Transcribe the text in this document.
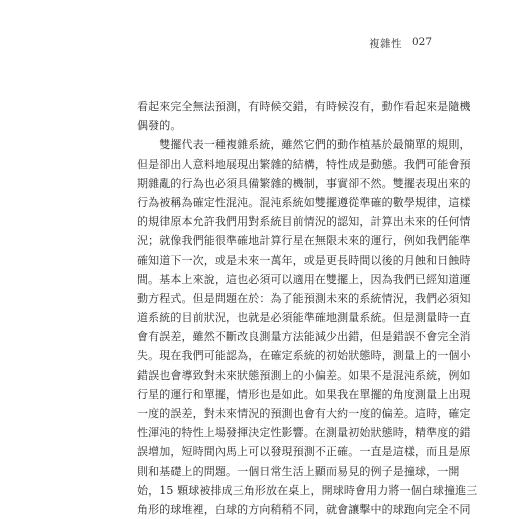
複雜性 027
看起來完全無法預測，有時候交錯，有時候沒有，動作看起來是隨機
偶發的。
　　雙擺代表一種複雜系統，雖然它們的動作植基於最簡單的規則，
但是卻出人意料地展現出繁雜的結構，特性成是動態。我們可能會預
期雜亂的行為也必須具備繁雜的機制，事實卻不然。雙擺表現出來的
行為被稱為確定性混沌。混沌系統如雙擺遵從準確的數學規律，這樣
的規律原本允許我們用對系統目前情況的認知，計算出未來的任何情
況；就像我們能很準確地計算行星在無限未來的運行，例如我們能準
確知道下一次，或是未來一萬年，或是更長時間以後的月蝕和日蝕時
間。基本上來說，這也必須可以適用在雙擺上，因為我們已經知道運
動方程式。但是問題在於：為了能預測未來的系統情況，我們必須知
道系統的目前狀況，也就是必須能準確地測量系統。但是測量時一直
會有誤差，雖然不斷改良測量方法能減少出錯，但是錯誤不會完全消
失。現在我們可能認為，在確定系統的初始狀態時，測量上的一個小
錯誤也會導致對未來狀態預測上的小偏差。如果不是混沌系統，例如
行星的運行和單擺，情形也是如此。如果我在單擺的角度測量上出現
一度的誤差，對未來情況的預測也會有大約一度的偏差。這時，確定
性渾沌的特性上場發揮決定性影響。在測量初始狀態時，精準度的錯
誤增加，短時間內馬上可以發現預測不正確。一直是這樣，而且是原
則和基礎上的問題。一個日常生活上顯而易見的例子是撞球，一開
始，15 顆球被排成三角形放在桌上，開球時會用力將一個白球撞進三
角形的球堆裡，白球的方向稍稍不同，就會讓擊中的球跑向完全不同
